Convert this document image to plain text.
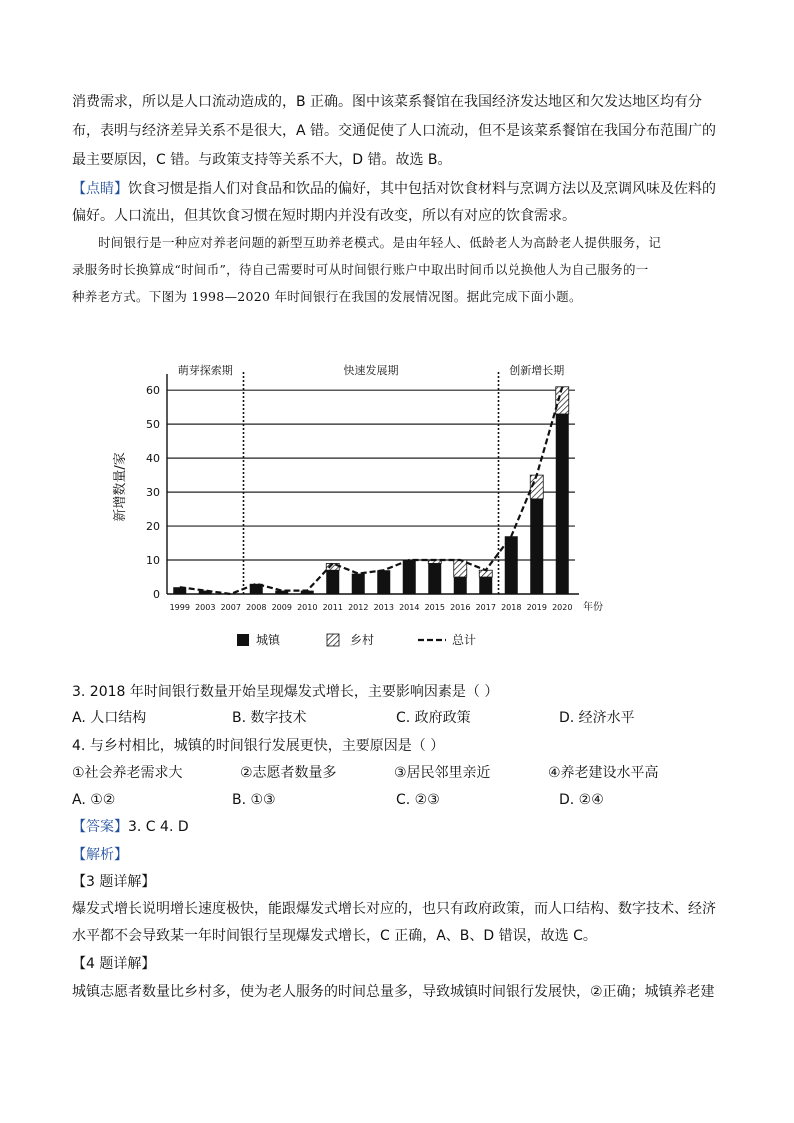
消费需求，所以是人口流动造成的，B 正确。图中该菜系餐馆在我国经济发达地区和欠发达地区均有分
布，表明与经济差异关系不是很大，A 错。交通促使了人口流动，但不是该菜系餐馆在我国分布范围广的
最主要原因，C 错。与政策支持等关系不大，D 错。故选 B。
【点睛】饮食习惯是指人们对食品和饮品的偏好，其中包括对饮食材料与烹调方法以及烹调风味及佐料的
偏好。人口流出，但其饮食习惯在短时期内并没有改变，所以有对应的饮食需求。
时间银行是一种应对养老问题的新型互助养老模式。是由年轻人、低龄老人为高龄老人提供服务，记
录服务时长换算成“时间币”，待自己需要时可从时间银行账户中取出时间币以兑换他人为自己服务的一
种养老方式。下图为 1998—2020 年时间银行在我国的发展情况图。据此完成下面小题。
0
10
20
30
40
50
60
萌芽探索期	快速发展期	创新增长期
1999 2003 2007 2008 2009 2010 2011 2012 2013 2014 2015 2016 2017 2018 2019 2020
新增数量/家
年份
城镇	乡村	总计
3. 2018 年时间银行数量开始呈现爆发式增长，主要影响因素是（ ）
A. 人口结构	B. 数字技术	C. 政府政策	D. 经济水平
4. 与乡村相比，城镇的时间银行发展更快，主要原因是（ ）
①社会养老需求大	②志愿者数量多	③居民邻里亲近	④养老建设水平高
A. ①②	B. ①③	C. ②③	D. ②④
【答案】3. C 4. D
【解析】
【3 题详解】
爆发式增长说明增长速度极快，能跟爆发式增长对应的，也只有政府政策，而人口结构、数字技术、经济
水平都不会导致某一年时间银行呈现爆发式增长，C 正确，A、B、D 错误，故选 C。
【4 题详解】
城镇志愿者数量比乡村多，使为老人服务的时间总量多，导致城镇时间银行发展快，②正确；城镇养老建
